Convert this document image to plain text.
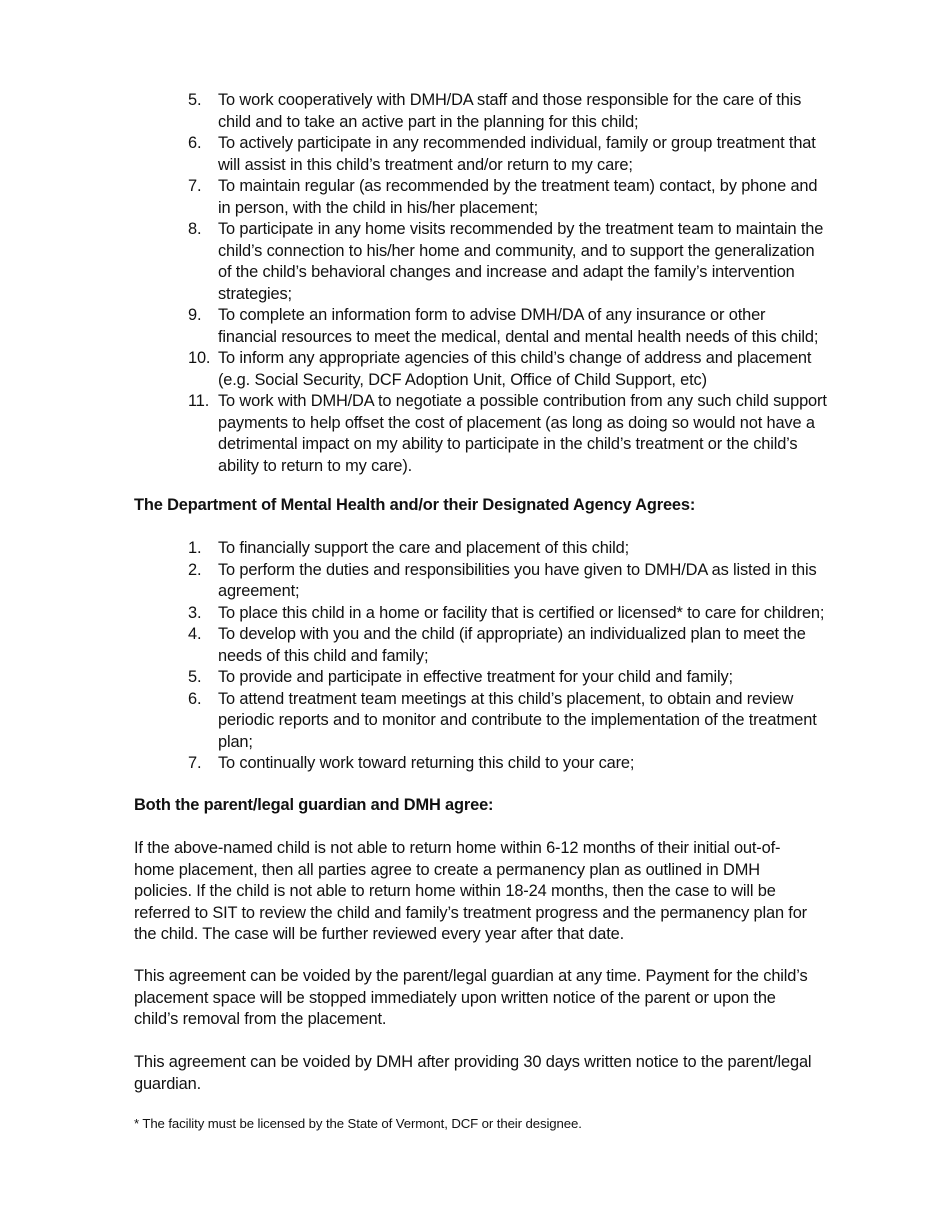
5.	To work cooperatively with DMH/DA staff and those responsible for the care of this child and to take an active part in the planning for this child;
6.	To actively participate in any recommended individual, family or group treatment that will assist in this child’s treatment and/or return to my care;
7.	To maintain regular (as recommended by the treatment team) contact, by phone and in person, with the child in his/her placement;
8.	To participate in any home visits recommended by the treatment team to maintain the child’s connection to his/her home and community, and to support the generalization of the child’s behavioral changes and increase and adapt the family’s intervention strategies;
9.	To complete an information form to advise DMH/DA of any insurance or other financial resources to meet the medical, dental and mental health needs of this child;
10. To inform any appropriate agencies of this child’s change of address and placement (e.g. Social Security, DCF Adoption Unit, Office of Child Support, etc)
11. To work with DMH/DA to negotiate a possible contribution from any such child support payments to help offset the cost of placement (as long as doing so would not have a detrimental impact on my ability to participate in the child’s treatment or the child’s ability to return to my care).
The Department of Mental Health and/or their Designated Agency Agrees:
1.	To financially support the care and placement of this child;
2.	To perform the duties and responsibilities you have given to DMH/DA as listed in this agreement;
3.	To place this child in a home or facility that is certified or licensed* to care for children;
4.	To develop with you and the child (if appropriate) an individualized plan to meet the needs of this child and family;
5.	To provide and participate in effective treatment for your child and family;
6.	To attend treatment team meetings at this child’s placement, to obtain and review periodic reports and to monitor and contribute to the implementation of the treatment plan;
7.	To continually work toward returning this child to your care;
Both the parent/legal guardian and DMH agree:

If the above-named child is not able to return home within 6-12 months of their initial out-of-home placement, then all parties agree to create a permanency plan as outlined in DMH policies. If the child is not able to return home within 18-24 months, then the case to will be referred to SIT to review the child and family’s treatment progress and the permanency plan for the child. The case will be further reviewed every year after that date.

This agreement can be voided by the parent/legal guardian at any time. Payment for the child’s placement space will be stopped immediately upon written notice of the parent or upon the child’s removal from the placement.

This agreement can be voided by DMH after providing 30 days written notice to the parent/legal guardian.

* The facility must be licensed by the State of Vermont, DCF or their designee.
